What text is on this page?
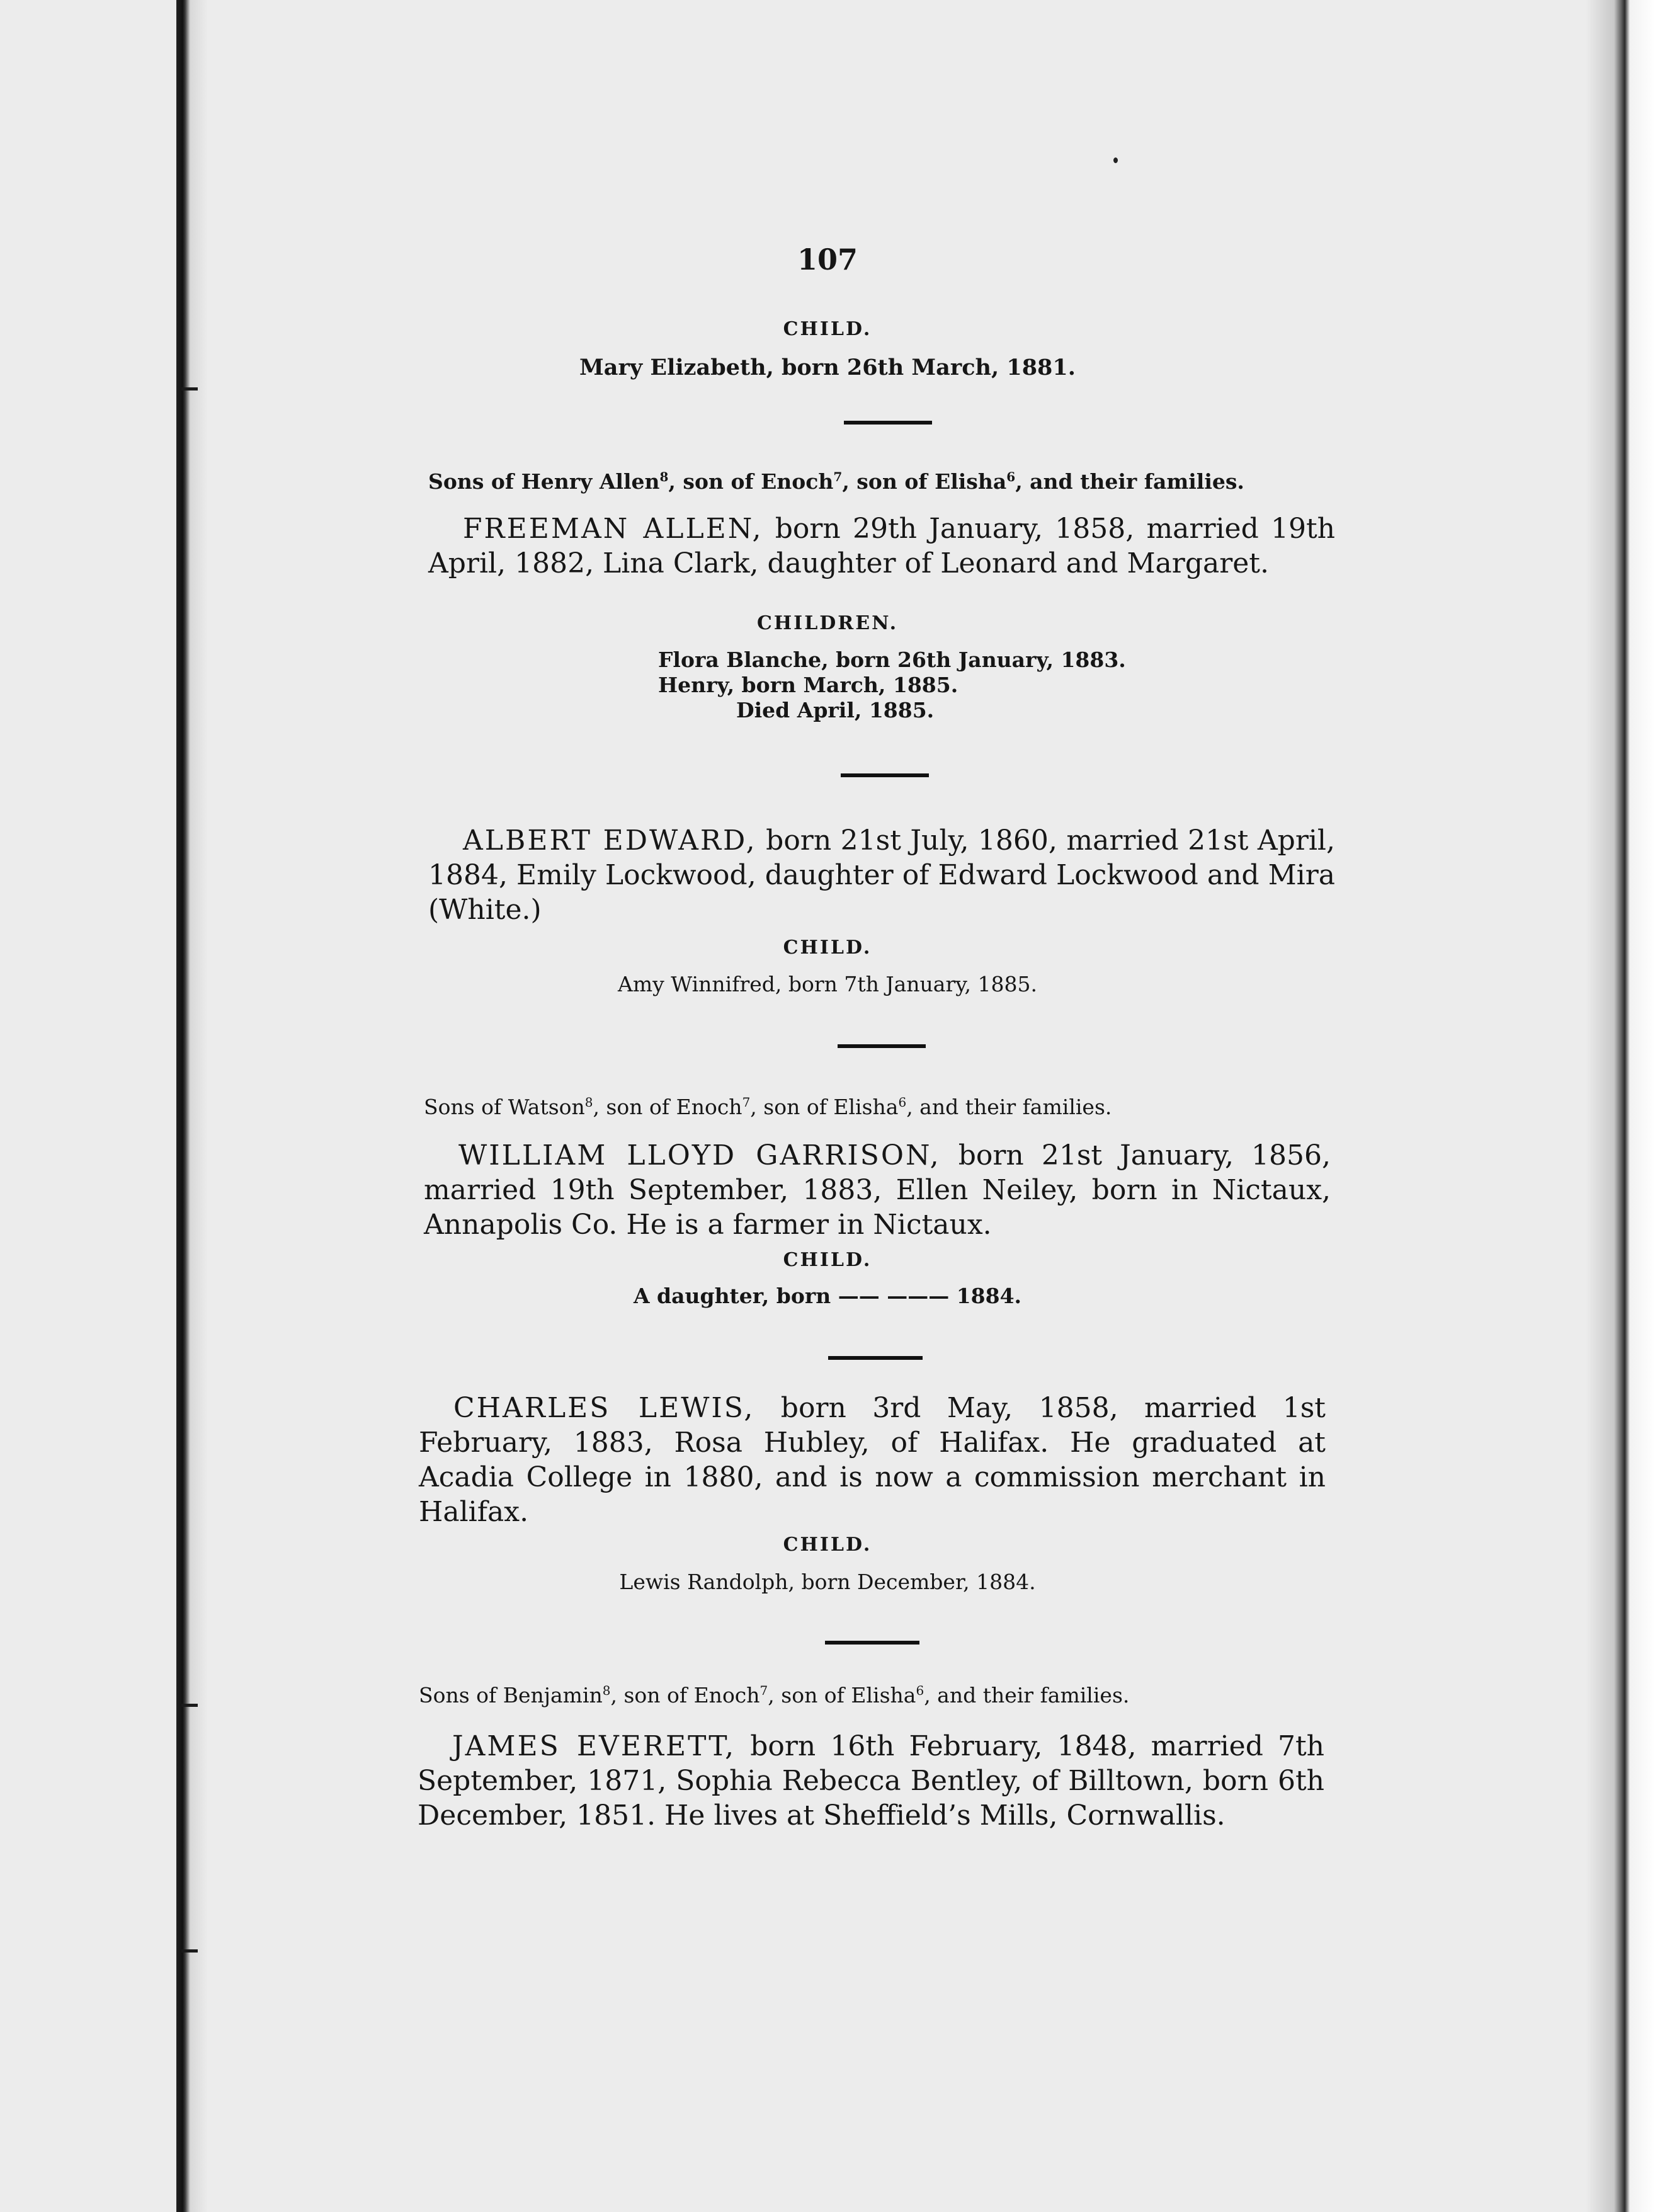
107
CHILD.
Mary Elizabeth, born 26th March, 1881.
Sons of Henry Allen$^8$, son of Enoch$^7$, son of Elisha$^6$, and their families.
FREEMAN ALLEN, born 29th January, 1858, married 19th April, 1882, Lina Clark, daughter of Leonard and Margaret.
CHILDREN.
Flora Blanche, born 26th January, 1883.
Henry, born March, 1885.
Died April, 1885.
ALBERT EDWARD, born 21st July, 1860, married 21st April, 1884, Emily Lockwood, daughter of Edward Lockwood and Mira (White.)
CHILD.
Amy Winnifred, born 7th January, 1885.
Sons of Watson$^8$, son of Enoch$^7$, son of Elisha$^6$, and their families.
WILLIAM LLOYD GARRISON, born 21st January, 1856, married 19th September, 1883, Ellen Neiley, born in Nictaux, Annapolis Co. He is a farmer in Nictaux.
CHILD.
A daughter, born —— ——— 1884.
CHARLES LEWIS, born 3rd May, 1858, married 1st February, 1883, Rosa Hubley, of Halifax. He graduated at Acadia College in 1880, and is now a commission merchant in Halifax.
CHILD.
Lewis Randolph, born December, 1884.
Sons of Benjamin$^8$, son of Enoch$^7$, son of Elisha$^6$, and their families.
JAMES EVERETT, born 16th February, 1848, married 7th September, 1871, Sophia Rebecca Bentley, of Billtown, born 6th December, 1851. He lives at Sheffield’s Mills, Cornwallis.
